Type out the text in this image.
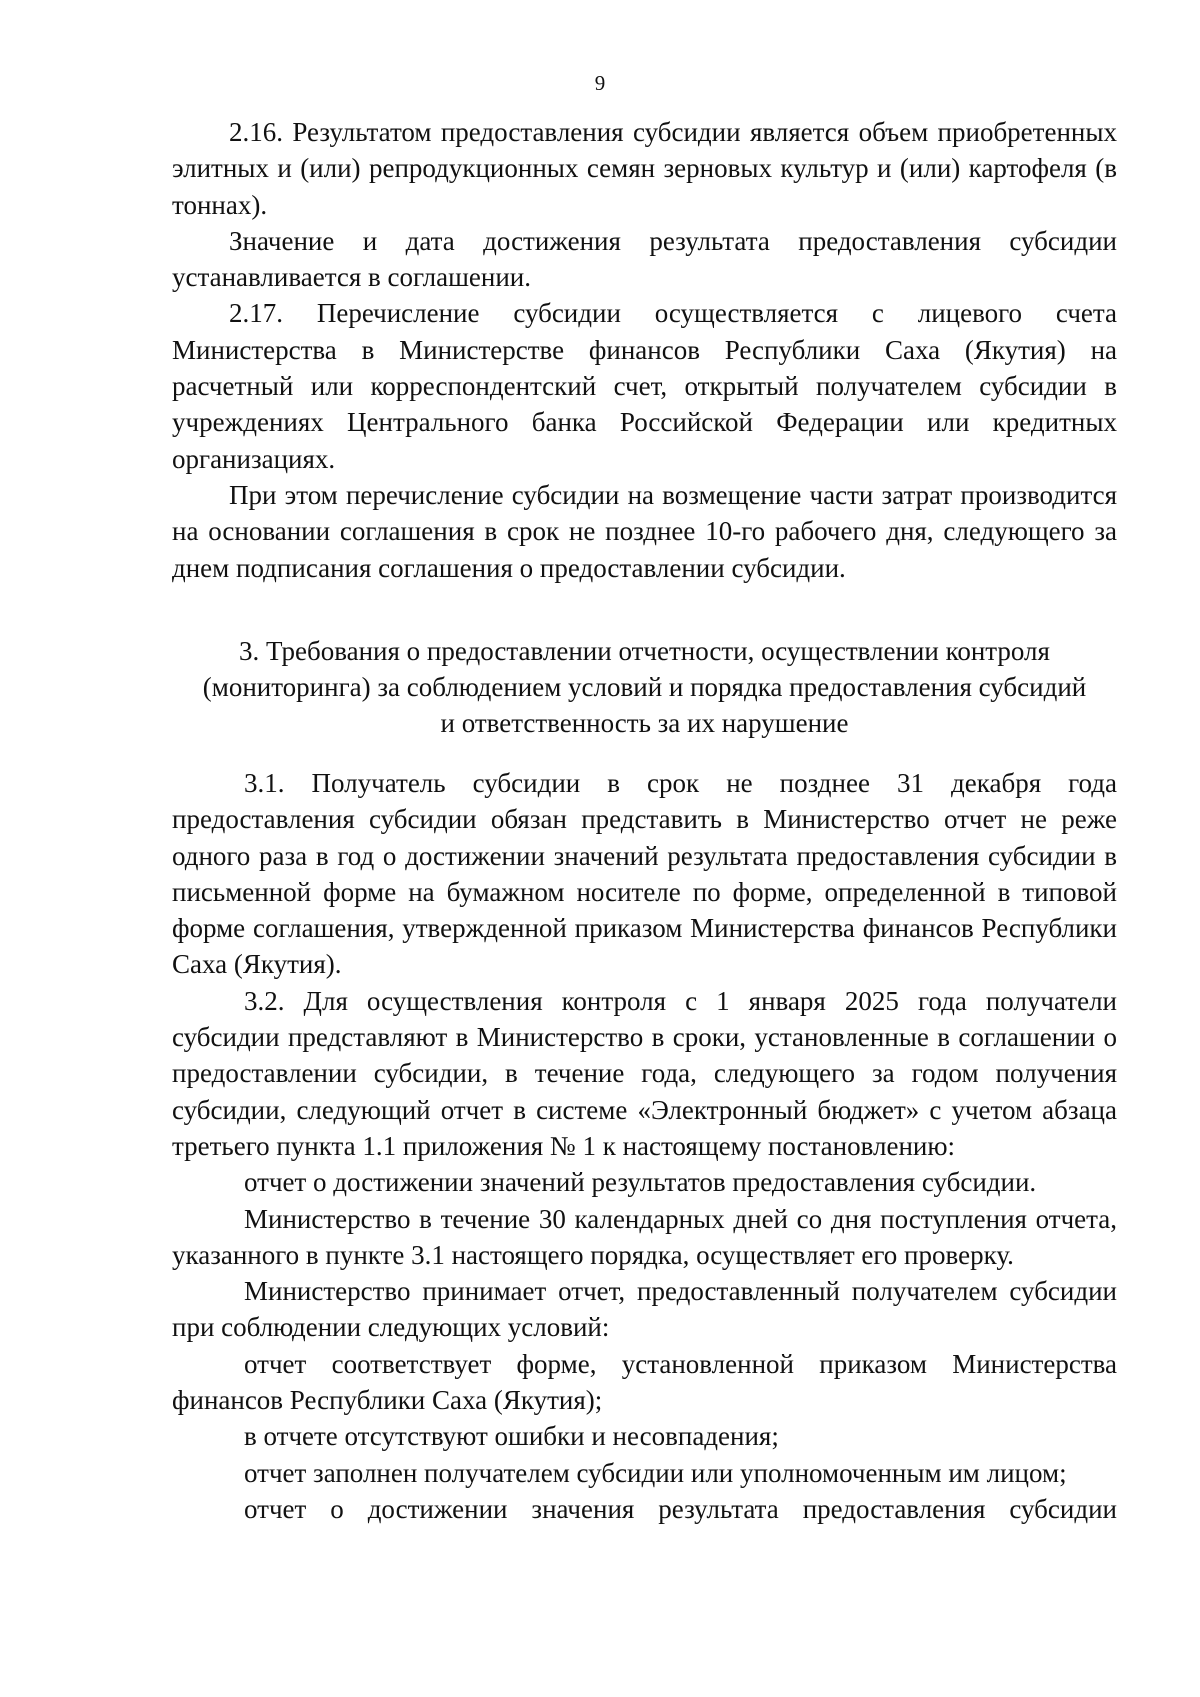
9

2.16. Результатом предоставления субсидии является объем приобретенных элитных и (или) репродукционных семян зерновых культур и (или) картофеля (в тоннах).

Значение и дата достижения результата предоставления субсидии устанавливается в соглашении.

2.17. Перечисление субсидии осуществляется с лицевого счета Министерства в Министерстве финансов Республики Саха (Якутия) на расчетный или корреспондентский счет, открытый получателем субсидии в учреждениях Центрального банка Российской Федерации или кредитных организациях.

При этом перечисление субсидии на возмещение части затрат производится на основании соглашения в срок не позднее 10-го рабочего дня, следующего за днем подписания соглашения о предоставлении субсидии.

3. Требования о предоставлении отчетности, осуществлении контроля

(мониторинга) за соблюдением условий и порядка предоставления субсидий

и ответственность за их нарушение

3.1. Получатель субсидии в срок не позднее 31 декабря года предоставления субсидии обязан представить в Министерство отчет не реже одного раза в год о достижении значений результата предоставления субсидии в письменной форме на бумажном носителе по форме, определенной в типовой форме соглашения, утвержденной приказом Министерства финансов Республики Саха (Якутия).

3.2. Для осуществления контроля с 1 января 2025 года получатели субсидии представляют в Министерство в сроки, установленные в соглашении о предоставлении субсидии, в течение года, следующего за годом получения субсидии, следующий отчет в системе «Электронный бюджет» с учетом абзаца третьего пункта 1.1 приложения № 1 к настоящему постановлению:

отчет о достижении значений результатов предоставления субсидии.

Министерство в течение 30 календарных дней со дня поступления отчета, указанного в пункте 3.1 настоящего порядка, осуществляет его проверку.

Министерство принимает отчет, предоставленный получателем субсидии при соблюдении следующих условий:

отчет соответствует форме, установленной приказом Министерства финансов Республики Саха (Якутия);

в отчете отсутствуют ошибки и несовпадения;

отчет заполнен получателем субсидии или уполномоченным им лицом;

отчет о достижении значения результата предоставления субсидии
